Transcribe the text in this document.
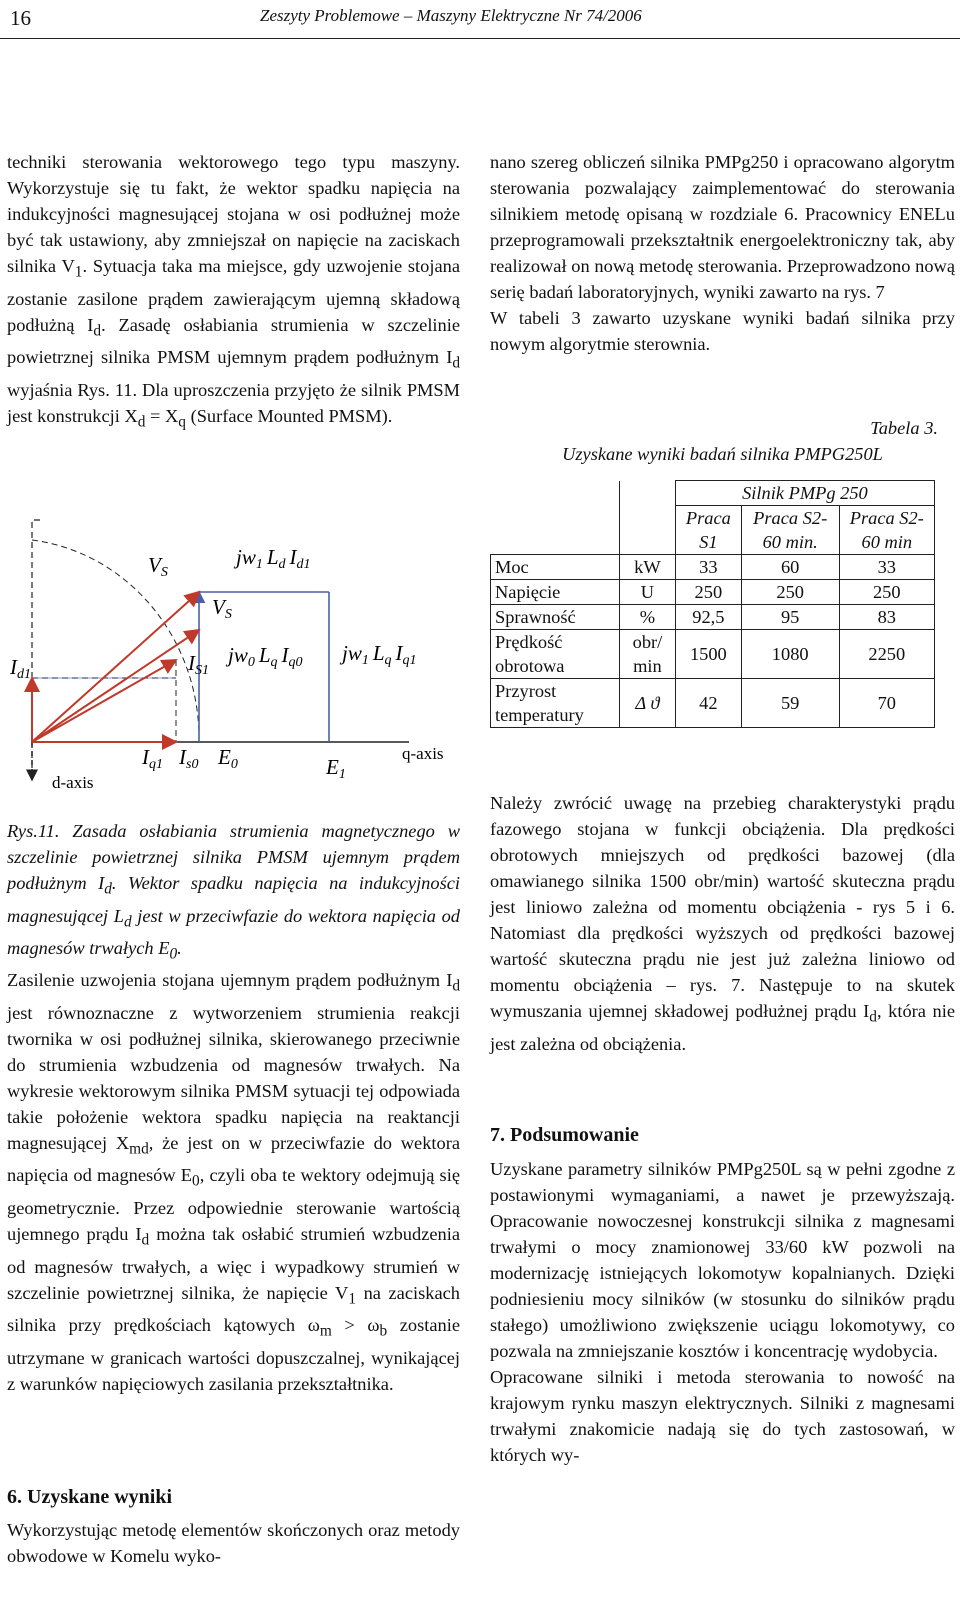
16	Zeszyty Problemowe – Maszyny Elektryczne Nr 74/2006

techniki sterowania wektorowego tego typu maszyny. Wykorzystuje się tu fakt, że wektor spadku napięcia na indukcyjności magnesującej stojana w osi podłużnej może być tak ustawiony, aby zmniejszał on napięcie na zaciskach silnika $V_1$. Sytuacja taka ma miejsce, gdy uzwojenie stojana zostanie zasilone prądem zawierającym ujemną składową podłużną $I_d$. Zasadę osłabiania strumienia w szczelinie powietrznej silnika PMSM ujemnym prądem podłużnym $I_d$ wyjaśnia Rys. 11. Dla uproszczenia przyjęto że silnik PMSM jest konstrukcji $X_d = X_q$ (Surface Mounted PMSM).

VS
VS
jw1 Ld Id1
jw0 Lq Iq0 jw1 Lq Iq1
IS1
Id1
Iq1 Is0 E0	E1
q-axis
d-axis
Rys.11. Zasada osłabiania strumienia magnetycznego w szczelinie powietrznej silnika PMSM ujemnym prądem podłużnym $I_d$. Wektor spadku napięcia na indukcyjności magnesującej $L_d$ jest w przeciwfazie do wektora napięcia od magnesów trwałych $E_0$.
Zasilenie uzwojenia stojana ujemnym prądem podłużnym $I_d$ jest równoznaczne z wytworzeniem strumienia reakcji twornika w osi podłużnej silnika, skierowanego przeciwnie do strumienia wzbudzenia od magnesów trwałych. Na wykresie wektorowym silnika PMSM sytuacji tej odpowiada takie położenie wektora spadku napięcia na reaktancji magnesującej $X_{md}$, że jest on w przeciwfazie do wektora napięcia od magnesów $E_0$, czyli oba te wektory odejmują się geometrycznie. Przez odpowiednie sterowanie wartością ujemnego prądu $I_d$ można tak osłabić strumień wzbudzenia od magnesów trwałych, a więc i wypadkowy strumień w szczelinie powietrznej silnika, że napięcie $V_1$ na zaciskach silnika przy prędkościach kątowych $\omega_m > \omega_b$ zostanie utrzymane w granicach wartości dopuszczalnej, wynikającej z warunków napięciowych zasilania przekształtnika.
6. Uzyskane wyniki
Wykorzystując metodę elementów skończonych oraz metody obwodowe w Komelu wyko-

nano szereg obliczeń silnika PMPg250 i opracowano algorytm sterowania pozwalający zaimplementować do sterowania silnikiem metodę opisaną w rozdziale 6. Pracownicy ENELu przeprogramowali przekształtnik energoelektroniczny tak, aby realizował on nową metodę sterowania. Przeprowadzono nową serię badań laboratoryjnych, wyniki zawarto na rys. 7

W tabeli 3 zawarto uzyskane wyniki badań silnika przy nowym algorytmie sterownia.

Tabela 3.
Uzyskane wyniki badań silnika PMPG250L
		Silnik PMPg 250		
		Praca S1	Praca S2-60 min.	Praca S2-60 min
Moc	kW	33	60	33
Napięcie	U	250	250	250
Sprawność	%	92,5	95	83
Prędkość obrotowa	obr/ min	1500	1080	2250
Przyrost temperatury	Δ ϑ	42	59	70
Należy zwrócić uwagę na przebieg charakterystyki prądu fazowego stojana w funkcji obciążenia. Dla prędkości obrotowych mniejszych od prędkości bazowej (dla omawianego silnika 1500 obr/min) wartość skuteczna prądu jest liniowo zależna od momentu obciążenia - rys 5 i 6. Natomiast dla prędkości wyższych od prędkości bazowej wartość skuteczna prądu nie jest już zależna liniowo od momentu obciążenia – rys. 7. Następuje to na skutek wymuszania ujemnej składowej podłużnej prądu $I_d$, która nie jest zależna od obciążenia.
7. Podsumowanie

Uzyskane parametry silników PMPg250L są w pełni zgodne z postawionymi wymaganiami, a nawet je przewyższają. Opracowanie nowoczesnej konstrukcji silnika z magnesami trwałymi o mocy znamionowej 33/60 kW pozwoli na modernizację istniejących lokomotyw kopalnianych. Dzięki podniesieniu mocy silników (w stosunku do silników prądu stałego) umożliwiono zwiększenie uciągu lokomotywy, co pozwala na zmniejszanie kosztów i koncentrację wydobycia.

Opracowane silniki i metoda sterowania to nowość na krajowym rynku maszyn elektrycznych. Silniki z magnesami trwałymi znakomicie nadają się do tych zastosowań, w których wy-
